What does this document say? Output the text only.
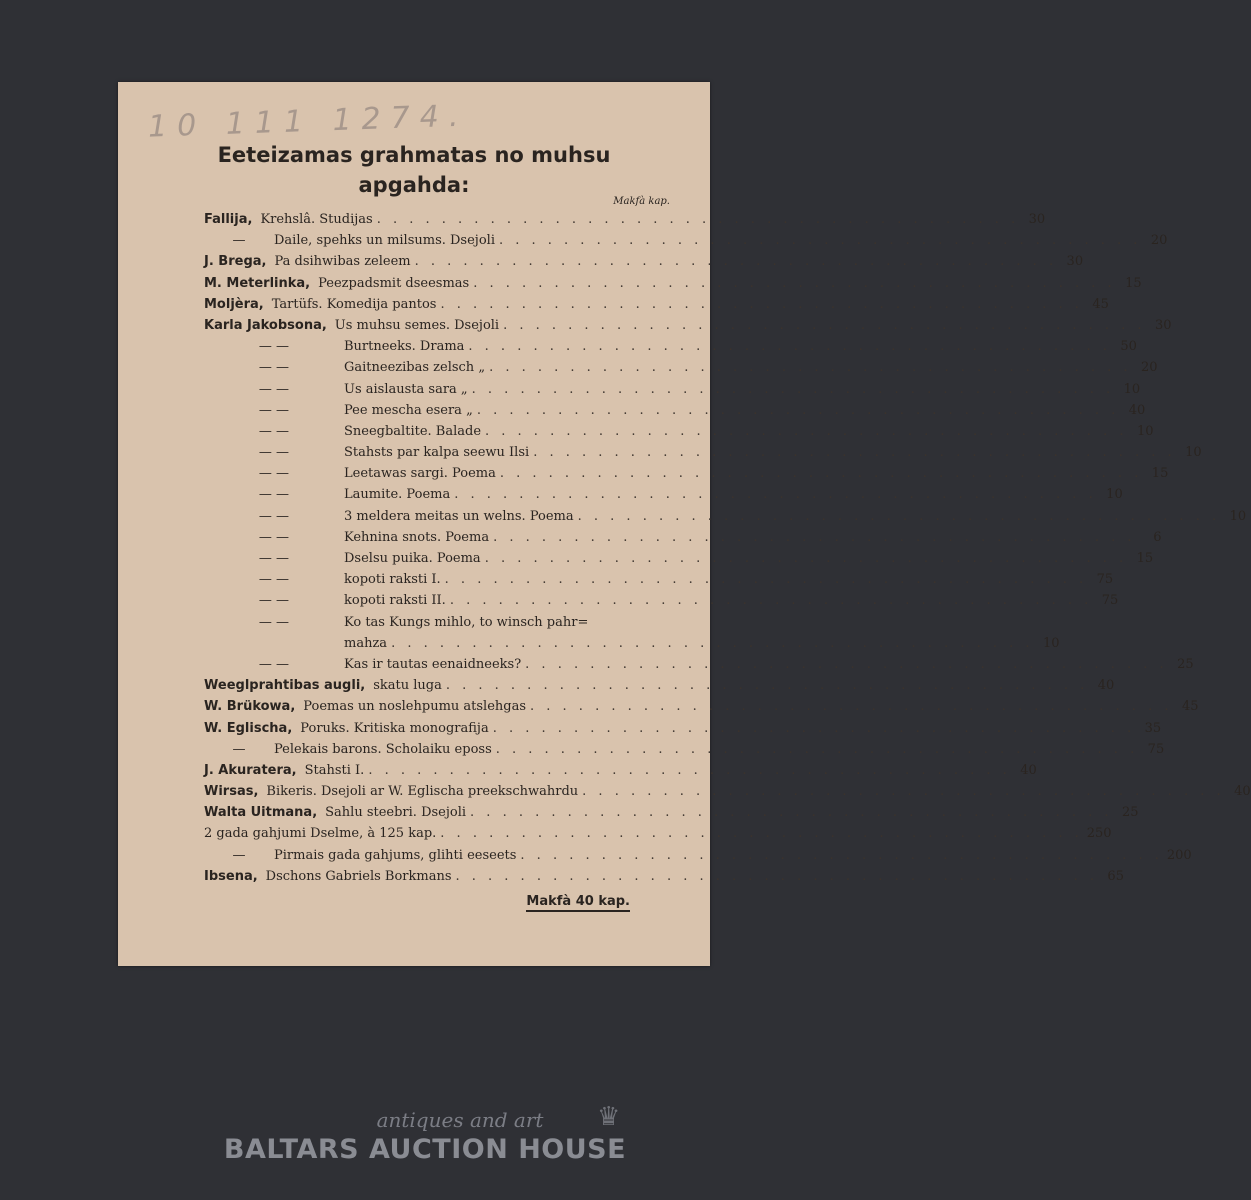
10 111 1274.
Eeteizamas grahmatas no muhsu
apgahda:
Makfà kap.
Fallija, Krehslâ. Studijas . . . . . . . . . . . . . . . . . . . . . . . . . . . . . . . . . . . . . . . . 30
— Daile, spehks un milsums. Dsejoli . . . . . . . . . . . . . . . . . . . . . . . . . . . . . . . . . . . . . . . . 20
J. Brega, Pa dsihwibas zeleem . . . . . . . . . . . . . . . . . . . . . . . . . . . . . . . . . . . . . . . . 30
M. Meterlinka, Peezpadsmit dseesmas . . . . . . . . . . . . . . . . . . . . . . . . . . . . . . . . . . . . . . . . 15
Moljèra, Tartüfs. Komedija pantos . . . . . . . . . . . . . . . . . . . . . . . . . . . . . . . . . . . . . . . . 45
Karla Jakobsona, Us muhsu semes. Dsejoli . . . . . . . . . . . . . . . . . . . . . . . . . . . . . . . . . . . . . . . . 30
— —	Burtneeks. Drama . . . . . . . . . . . . . . . . . . . . . . . . . . . . . . . . . . . . . . . . 50
— —	Gaitneezibas zelsch „ . . . . . . . . . . . . . . . . . . . . . . . . . . . . . . . . . . . . . . . . 20
— —	Us aislausta sara „ . . . . . . . . . . . . . . . . . . . . . . . . . . . . . . . . . . . . . . . . 10
— —	Pee mescha esera „ . . . . . . . . . . . . . . . . . . . . . . . . . . . . . . . . . . . . . . . . 40
— —	Sneegbaltite. Balade . . . . . . . . . . . . . . . . . . . . . . . . . . . . . . . . . . . . . . . . 10
— —	Stahsts par kalpa seewu Ilsi . . . . . . . . . . . . . . . . . . . . . . . . . . . . . . . . . . . . . . . . 10
— —	Leetawas sargi. Poema . . . . . . . . . . . . . . . . . . . . . . . . . . . . . . . . . . . . . . . . 15
— —	Laumite. Poema . . . . . . . . . . . . . . . . . . . . . . . . . . . . . . . . . . . . . . . . 10
— —	3 meldera meitas un welns. Poema . . . . . . . . . . . . . . . . . . . . . . . . . . . . . . . . . . . . . . . . 10
— —	Kehnina snots. Poema . . . . . . . . . . . . . . . . . . . . . . . . . . . . . . . . . . . . . . . .	6
— —	Dselsu puika. Poema . . . . . . . . . . . . . . . . . . . . . . . . . . . . . . . . . . . . . . . . 15
— —	kopoti raksti I. . . . . . . . . . . . . . . . . . . . . . . . . . . . . . . . . . . . . . . . . 75
— —	kopoti raksti II. . . . . . . . . . . . . . . . . . . . . . . . . . . . . . . . . . . . . . . . . 75
— —	Ko tas Kungs mihlo, to winsch pahr=
mahza . . . . . . . . . . . . . . . . . . . . . . . . . . . . . . . . . . . . . . . . 10
— —	Kas ir tautas eenaidneeks? . . . . . . . . . . . . . . . . . . . . . . . . . . . . . . . . . . . . . . . . 25
Weeglprahtibas augli, skatu luga . . . . . . . . . . . . . . . . . . . . . . . . . . . . . . . . . . . . . . . . 40
W. Brükowa, Poemas un noslehpumu atslehgas . . . . . . . . . . . . . . . . . . . . . . . . . . . . . . . . . . . . . . . . 45
W. Eglischa, Poruks. Kritiska monografija . . . . . . . . . . . . . . . . . . . . . . . . . . . . . . . . . . . . . . . . 35
— Pelekais barons. Scholaiku eposs . . . . . . . . . . . . . . . . . . . . . . . . . . . . . . . . . . . . . . . . 75
J. Akuratera, Stahsti I. . . . . . . . . . . . . . . . . . . . . . . . . . . . . . . . . . . . . . . . . 40
Wirsas, Bikeris. Dsejoli ar W. Eglischa preekschwahrdu . . . . . . . . . . . . . . . . . . . . . . . . . . . . . . . . . . . . . . . . 40
Walta Uitmana, Sahlu steebri. Dsejoli . . . . . . . . . . . . . . . . . . . . . . . . . . . . . . . . . . . . . . . . 25
2 gada gahjumi Dselme, à 125 kap. . . . . . . . . . . . . . . . . . . . . . . . . . . . . . . . . . . . . . . . . 250
— Pirmais gada gahjums, glihti eeseets . . . . . . . . . . . . . . . . . . . . . . . . . . . . . . . . . . . . . . . . 200
Ibsena, Dschons Gabriels Borkmans . . . . . . . . . . . . . . . . . . . . . . . . . . . . . . . . . . . . . . . . 65
Makfà 40 kap.
antiques and art
BALTARS AUCTION HOUSE
♛
